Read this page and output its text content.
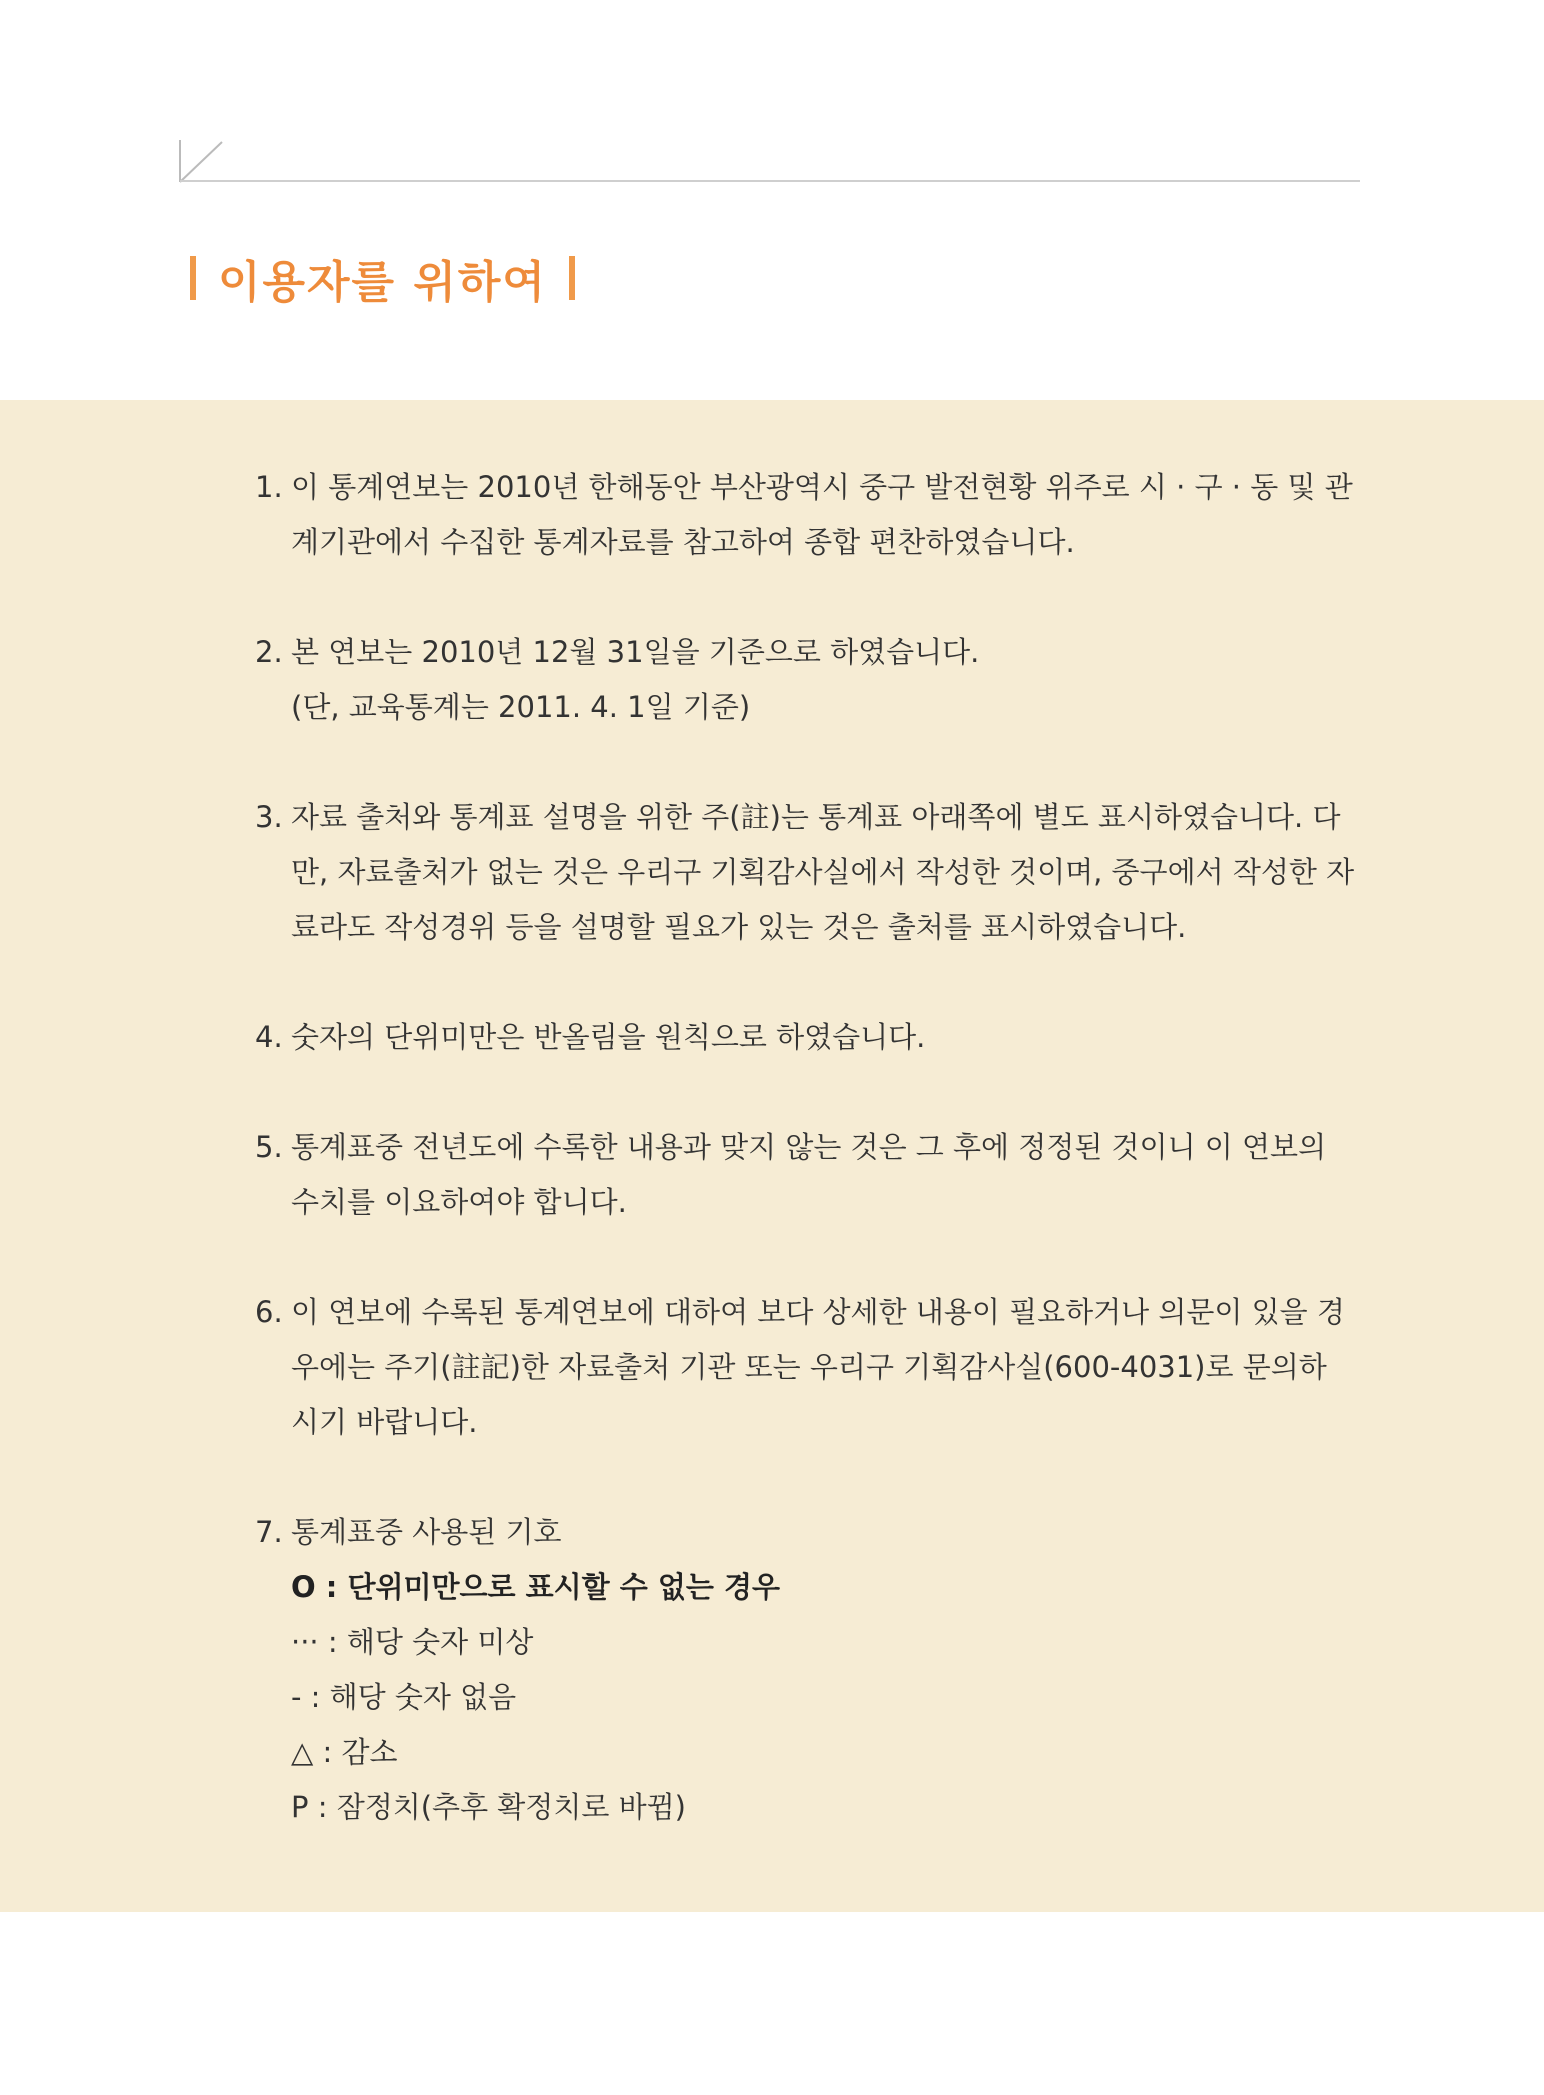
이용자를 위하여
1. 이 통계연보는 2010년 한해동안 부산광역시 중구 발전현황 위주로 시 · 구 · 동 및 관
계기관에서 수집한 통계자료를 참고하여 종합 편찬하였습니다.
2. 본 연보는 2010년 12월 31일을 기준으로 하였습니다.
(단, 교육통계는 2011. 4. 1일 기준)
3. 자료 출처와 통계표 설명을 위한 주(註)는 통계표 아래쪽에 별도 표시하였습니다. 다
만, 자료출처가 없는 것은 우리구 기획감사실에서 작성한 것이며, 중구에서 작성한 자
료라도 작성경위 등을 설명할 필요가 있는 것은 출처를 표시하였습니다.
4. 숫자의 단위미만은 반올림을 원칙으로 하였습니다.
5. 통계표중 전년도에 수록한 내용과 맞지 않는 것은 그 후에 정정된 것이니 이 연보의
수치를 이요하여야 합니다.
6. 이 연보에 수록된 통계연보에 대하여 보다 상세한 내용이 필요하거나 의문이 있을 경
우에는 주기(註記)한 자료출처 기관 또는 우리구 기획감사실(600-4031)로 문의하
시기 바랍니다.
7. 통계표중 사용된 기호
O : 단위미만으로 표시할 수 없는 경우
··· : 해당 숫자 미상
- : 해당 숫자 없음
△ : 감소
P : 잠정치(추후 확정치로 바뀜)
